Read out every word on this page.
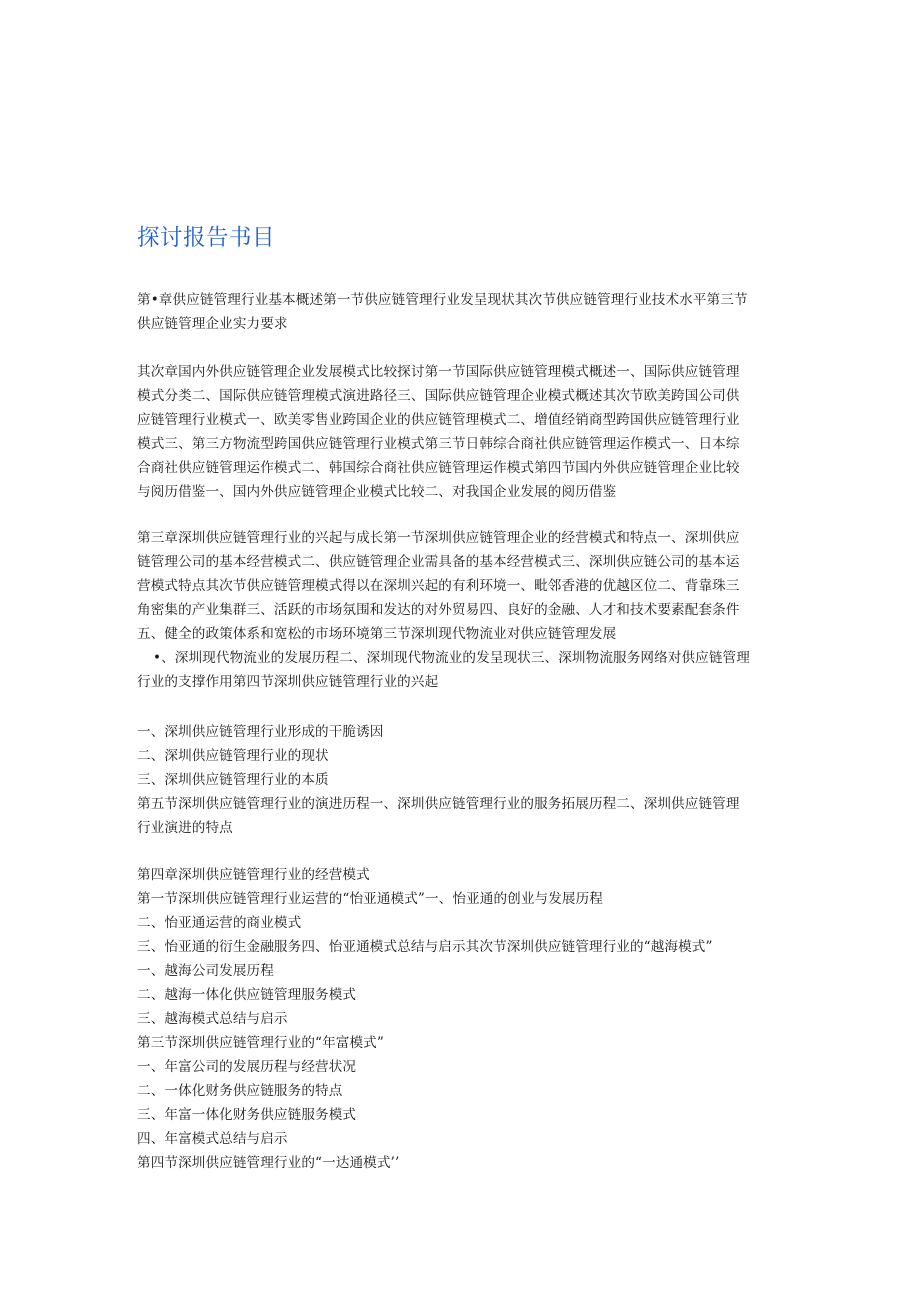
探讨报告书目
第•章供应链管理行业基本概述第一节供应链管理行业发呈现状其次节供应链管理行业技术水平第三节
供应链管理企业实力要求
其次章国内外供应链管理企业发展模式比较探讨第一节国际供应链管理模式概述一、国际供应链管理
模式分类二、国际供应链管理模式演进路径三、国际供应链管理企业模式概述其次节欧美跨国公司供
应链管理行业模式一、欧美零售业跨国企业的供应链管理模式二、增值经销商型跨国供应链管理行业
模式三、第三方物流型跨国供应链管理行业模式第三节日韩综合商社供应链管理运作模式一、日本综
合商社供应链管理运作模式二、韩国综合商社供应链管理运作模式第四节国内外供应链管理企业比较
与阅历借鉴一、国内外供应链管理企业模式比较二、对我国企业发展的阅历借鉴
第三章深圳供应链管理行业的兴起与成长第一节深圳供应链管理企业的经营模式和特点一、深圳供应
链管理公司的基本经营模式二、供应链管理企业需具备的基本经营模式三、深圳供应链公司的基本运
营模式特点其次节供应链管理模式得以在深圳兴起的有利环境一、毗邻香港的优越区位二、背靠珠三
角密集的产业集群三、活跃的市场氛围和发达的对外贸易四、良好的金融、人才和技术要素配套条件
五、健全的政策体系和宽松的市场环境第三节深圳现代物流业对供应链管理发展
•、深圳现代物流业的发展历程二、深圳现代物流业的发呈现状三、深圳物流服务网络对供应链管理
行业的支撑作用第四节深圳供应链管理行业的兴起
一、深圳供应链管理行业形成的干脆诱因
二、深圳供应链管理行业的现状
三、深圳供应链管理行业的本质
第五节深圳供应链管理行业的演进历程一、深圳供应链管理行业的服务拓展历程二、深圳供应链管理
行业演进的特点
第四章深圳供应链管理行业的经营模式
第一节深圳供应链管理行业运营的“怡亚通模式”一、怡亚通的创业与发展历程
二、怡亚通运营的商业模式
三、怡亚通的衍生金融服务四、怡亚通模式总结与启示其次节深圳供应链管理行业的“越海模式”
一、越海公司发展历程
二、越海一体化供应链管理服务模式
三、越海模式总结与启示
第三节深圳供应链管理行业的“年富模式”
一、年富公司的发展历程与经营状况
二、一体化财务供应链服务的特点
三、年富一体化财务供应链服务模式
四、年富模式总结与启示
第四节深圳供应链管理行业的“一达通模式’’
